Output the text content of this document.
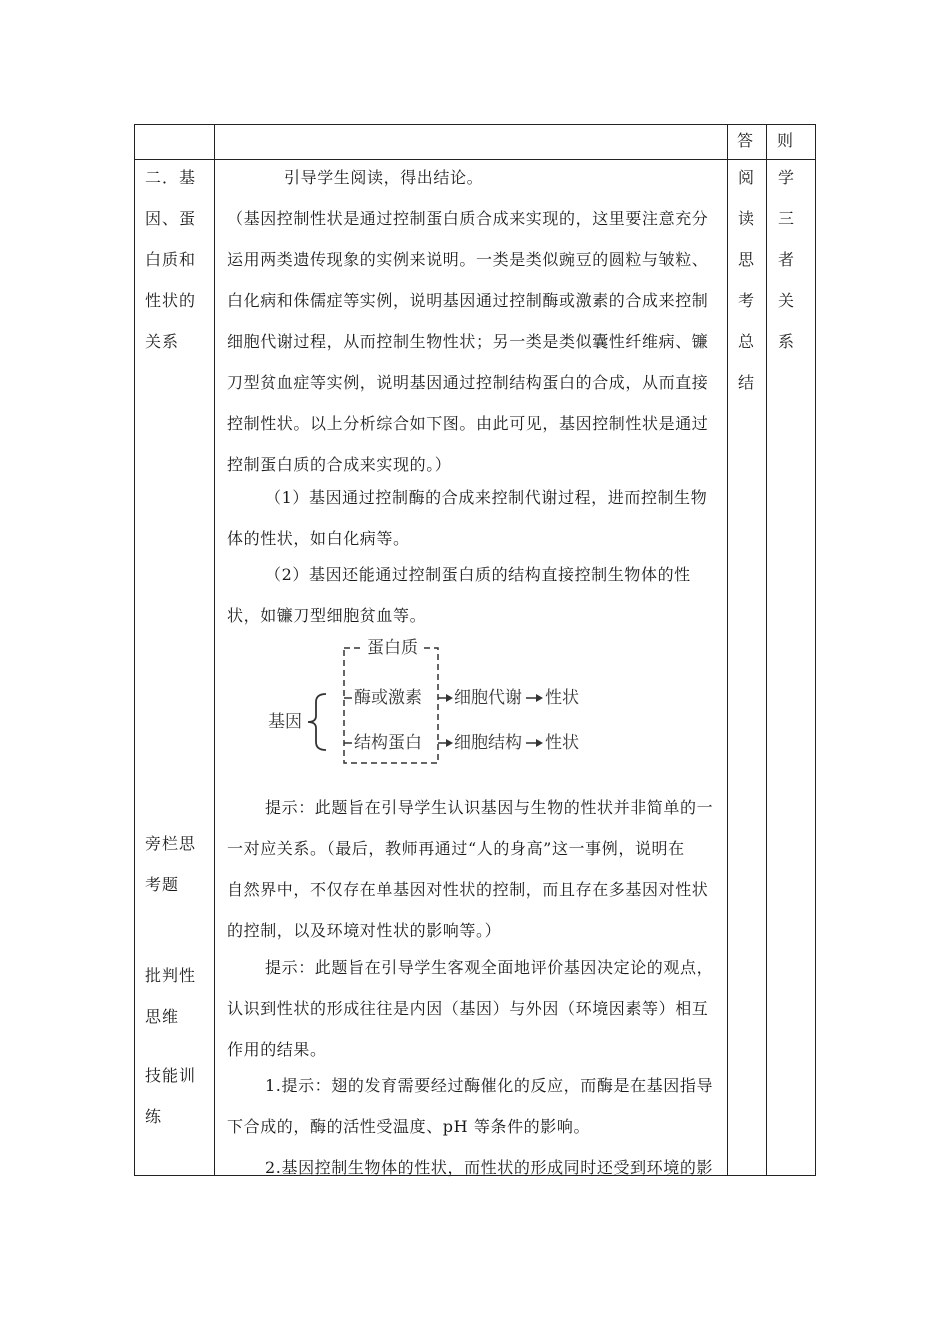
答 则
二．基
因、蛋
白质和
性状的
关系
旁栏思
考题
批判性
思维
技能训
练
引导学生阅读，得出结论。
（基因控制性状是通过控制蛋白质合成来实现的，这里要注意充分
运用两类遗传现象的实例来说明。一类是类似豌豆的圆粒与皱粒、
白化病和侏儒症等实例，说明基因通过控制酶或激素的合成来控制
细胞代谢过程，从而控制生物性状；另一类是类似囊性纤维病、镰
刀型贫血症等实例，说明基因通过控制结构蛋白的合成，从而直接
控制性状。以上分析综合如下图。由此可见，基因控制性状是通过
控制蛋白质的合成来实现的。）
（1）基因通过控制酶的合成来控制代谢过程，进而控制生物
体的性状，如白化病等。
（2）基因还能通过控制蛋白质的结构直接控制生物体的性
状，如镰刀型细胞贫血等。
基因
蛋白质
酶或激素
结构蛋白
细胞代谢
细胞结构
性状
性状
提示：此题旨在引导学生认识基因与生物的性状并非简单的一
一对应关系。（最后，教师再通过“人的身高”这一事例，说明在
自然界中，不仅存在单基因对性状的控制，而且存在多基因对性状
的控制，以及环境对性状的影响等。）
提示：此题旨在引导学生客观全面地评价基因决定论的观点，
认识到性状的形成往往是内因（基因）与外因（环境因素等）相互
作用的结果。
1.提示：翅的发育需要经过酶催化的反应，而酶是在基因指导
下合成的，酶的活性受温度、pH 等条件的影响。
2.基因控制生物体的性状，而性状的形成同时还受到环境的影
阅
读
思
考
总
结
学
三
者
关
系
